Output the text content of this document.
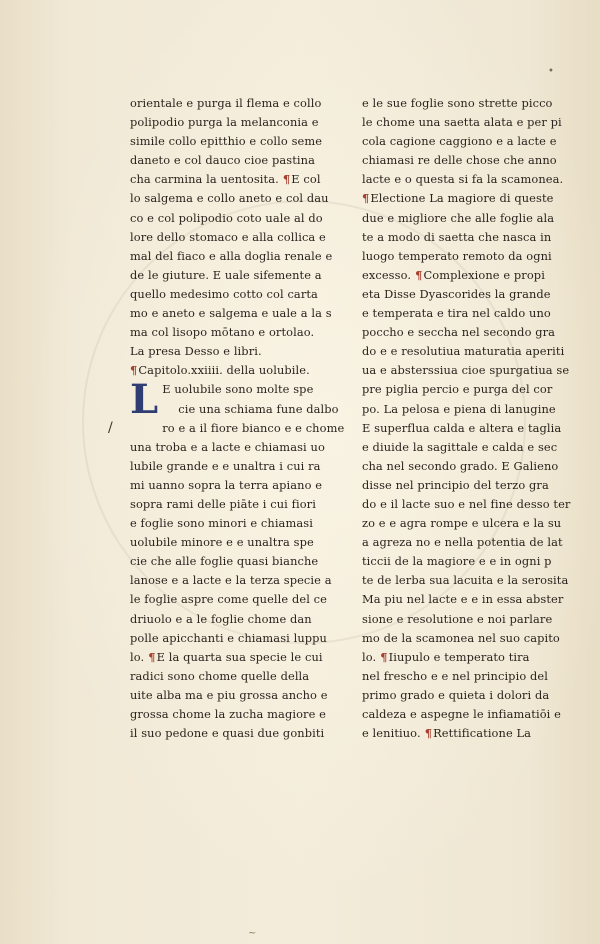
•
/
orientale e purga il flema e collo
polipodio purga la melanconia e
simile collo epitthio e collo seme
daneto e col dauco cioe pastina
cha carmina la uentosita. ¶E col
lo salgema e collo aneto e col dau
co e col polipodio coto uale al do
lore dello stomaco e alla collica e
mal del fiaco e alla doglia renale e
de le giuture. E uale sifemente a
quello medesimo cotto col carta
mo e aneto e salgema e uale a la s
ma col lisopo mōtano e ortolao.
La presa Desso e libri.
¶Capitolo.xxiiii. della uolubile.
L E uolubile sono molte spe
cie una schiama fune dalbo
ro e a il fiore bianco e e chome
una troba e a lacte e chiamasi uo
lubile grande e e unaltra i cui ra
mi uanno sopra la terra apiano e
sopra rami delle piāte i cui fiori
e foglie sono minori e chiamasi
uolubile minore e e unaltra spe
cie che alle foglie quasi bianche
lanose e a lacte e la terza specie a
le foglie aspre come quelle del ce
driuolo e a le foglie chome dan
polle apicchanti e chiamasi luppu
lo. ¶E la quarta sua specie le cui
radici sono chome quelle della
uite alba ma e piu grossa ancho e
grossa chome la zucha magiore e
il suo pedone e quasi due gonbiti
e le sue foglie sono strette picco
le chome una saetta alata e per pi
cola cagione caggiono e a lacte e
chiamasi re delle chose che anno
lacte e o questa si fa la scamonea.
¶Electione La magiore di queste
due e migliore che alle foglie ala
te a modo di saetta che nasca in
luogo temperato remoto da ogni
excesso. ¶Complexione e propi
eta Disse Dyascorides la grande
e temperata e tira nel caldo uno
poccho e seccha nel secondo gra
do e e resolutiua maturatia aperiti
ua e absterssiua cioe spurgatiua se
pre piglia percio e purga del cor
po. La pelosa e piena di lanugine
E superflua calda e altera e taglia
e diuide la sagittale e calda e sec
cha nel secondo grado. E Galieno
disse nel principio del terzo gra
do e il lacte suo e nel fine desso ter
zo e e agra rompe e ulcera e la su
a agreza no e nella potentia de lat
ticcii de la magiore e e in ogni p
te de lerba sua lacuita e la serosita
Ma piu nel lacte e e in essa abster
sione e resolutione e noi parlare
mo de la scamonea nel suo capito
lo. ¶Iiupulo e temperato tira
nel frescho e e nel principio del
primo grado e quieta i dolori da
caldeza e aspegne le infiamatiōi e
e lenitiuo. ¶Rettificatione La
~
